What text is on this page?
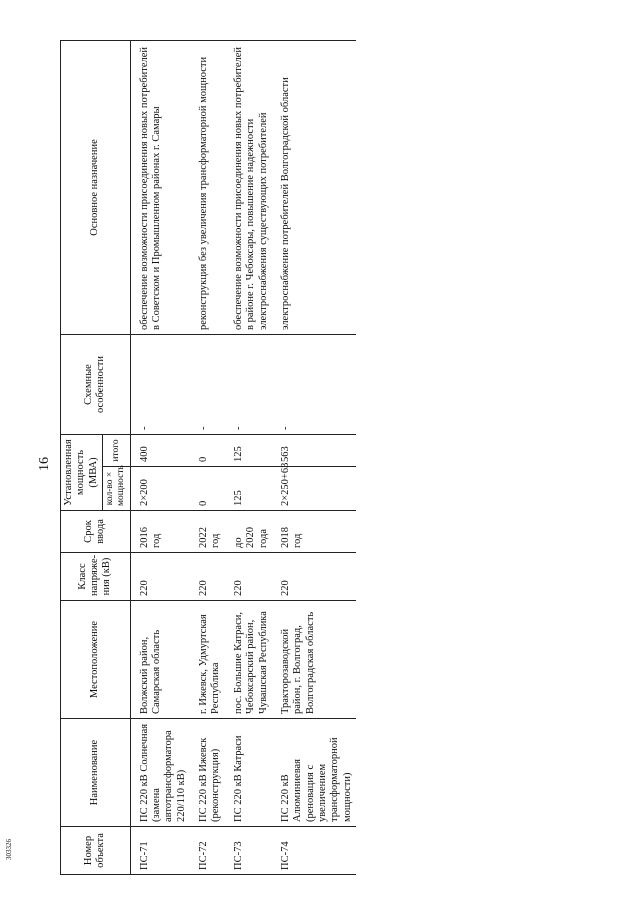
16
303326	Номер объекта	Наименование	Местоположение	Класс напряже-ния (кВ)	Срок ввода	Установленная мощность (МВА)		Схемные особенности	Основное назначение
					кол-во × мощность	итого		
ПС-71	ПС 220 кВ Солнечная (замена автотрансформатора 220/110 кВ)	Волжский район, Самарская область	220	2016 год	2×200	400	-	обеспечение возможности присоединения новых потребителей в Советском и Промышленном районах г. Самары
ПС-72	ПС 220 кВ Ижевск (реконструкция)	г. Ижевск, Удмуртская Республика	220	2022 год	0	0	-	реконструкция без увеличения трансформаторной мощности
ПС-73	ПС 220 кВ Катраси	пос. Большие Катраси, Чебоксарский район, Чувашская Республика	220	до 2020 года	125	125	-	обеспечение возможности присоединения новых потребителей в районе г. Чебоксары, повышение надежности электроснабжения существующих потребителей
ПС-74	ПС 220 кВ Алюминиевая (реновация с увеличением трансформаторной мощности)	Тракторозаводской район, г. Волгоград, Волгоградская область	220	2018 год	2×250+63	563	-	электроснабжение потребителей Волгоградской области
